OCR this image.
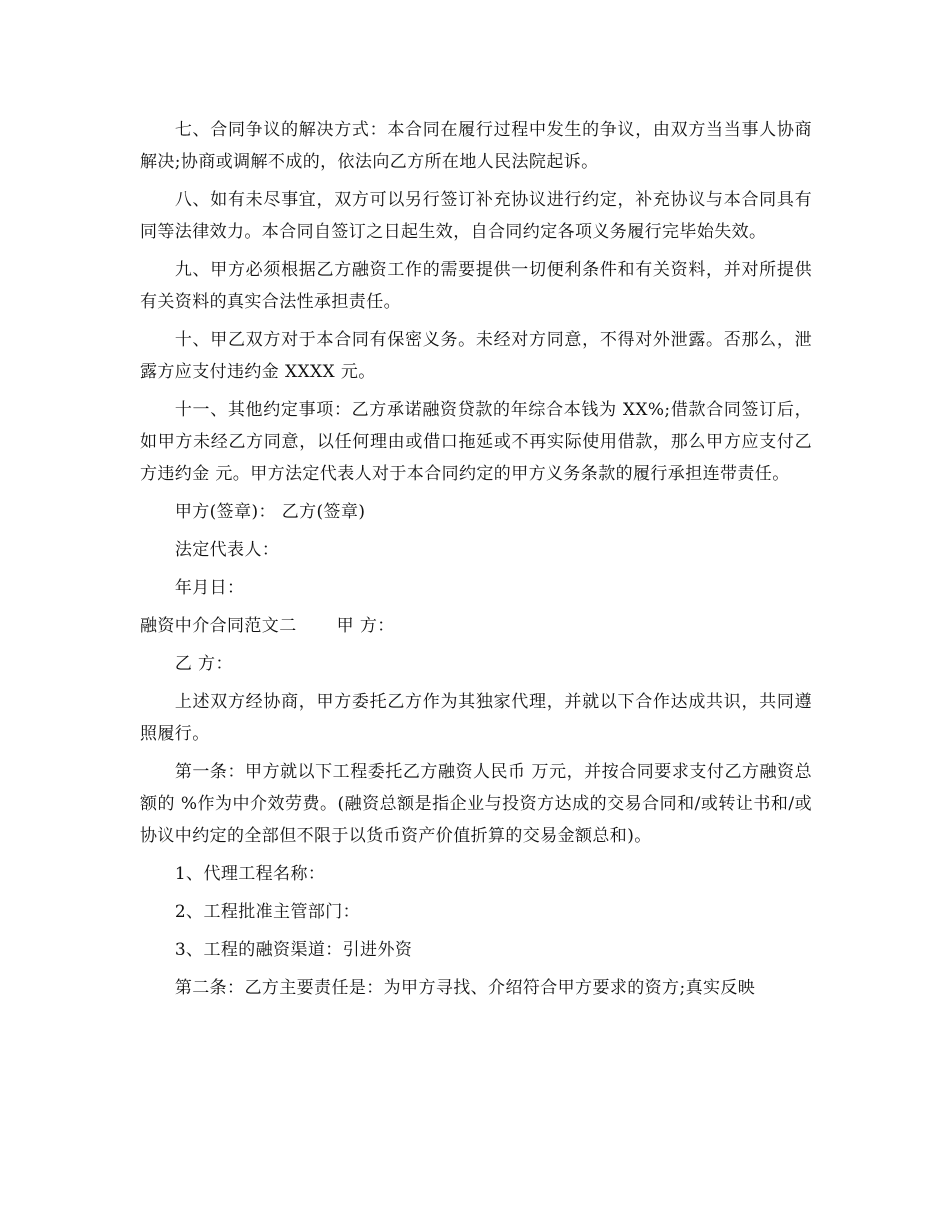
七、合同争议的解决方式：本合同在履行过程中发生的争议，由双方当当事人协商解决;协商或调解不成的，依法向乙方所在地人民法院起诉。

八、如有未尽事宜，双方可以另行签订补充协议进行约定，补充协议与本合同具有同等法律效力。本合同自签订之日起生效，自合同约定各项义务履行完毕始失效。

九、甲方必须根据乙方融资工作的需要提供一切便利条件和有关资料，并对所提供有关资料的真实合法性承担责任。

十、甲乙双方对于本合同有保密义务。未经对方同意，不得对外泄露。否那么，泄露方应支付违约金 XXXX 元。

十一、其他约定事项：乙方承诺融资贷款的年综合本钱为 XX%;借款合同签订后，如甲方未经乙方同意，以任何理由或借口拖延或不再实际使用借款，那么甲方应支付乙方违约金 元。甲方法定代表人对于本合同约定的甲方义务条款的履行承担连带责任。

甲方(签章)： 乙方(签章)

法定代表人：

年月日：

融资中介合同范文二 甲 方：

乙 方：

上述双方经协商，甲方委托乙方作为其独家代理，并就以下合作达成共识，共同遵照履行。

第一条：甲方就以下工程委托乙方融资人民币 万元，并按合同要求支付乙方融资总额的 %作为中介效劳费。(融资总额是指企业与投资方达成的交易合同和/或转让书和/或协议中约定的全部但不限于以货币资产价值折算的交易金额总和)。

1、代理工程名称：

2、工程批准主管部门：

3、工程的融资渠道：引进外资

第二条：乙方主要责任是：为甲方寻找、介绍符合甲方要求的资方;真实反映
